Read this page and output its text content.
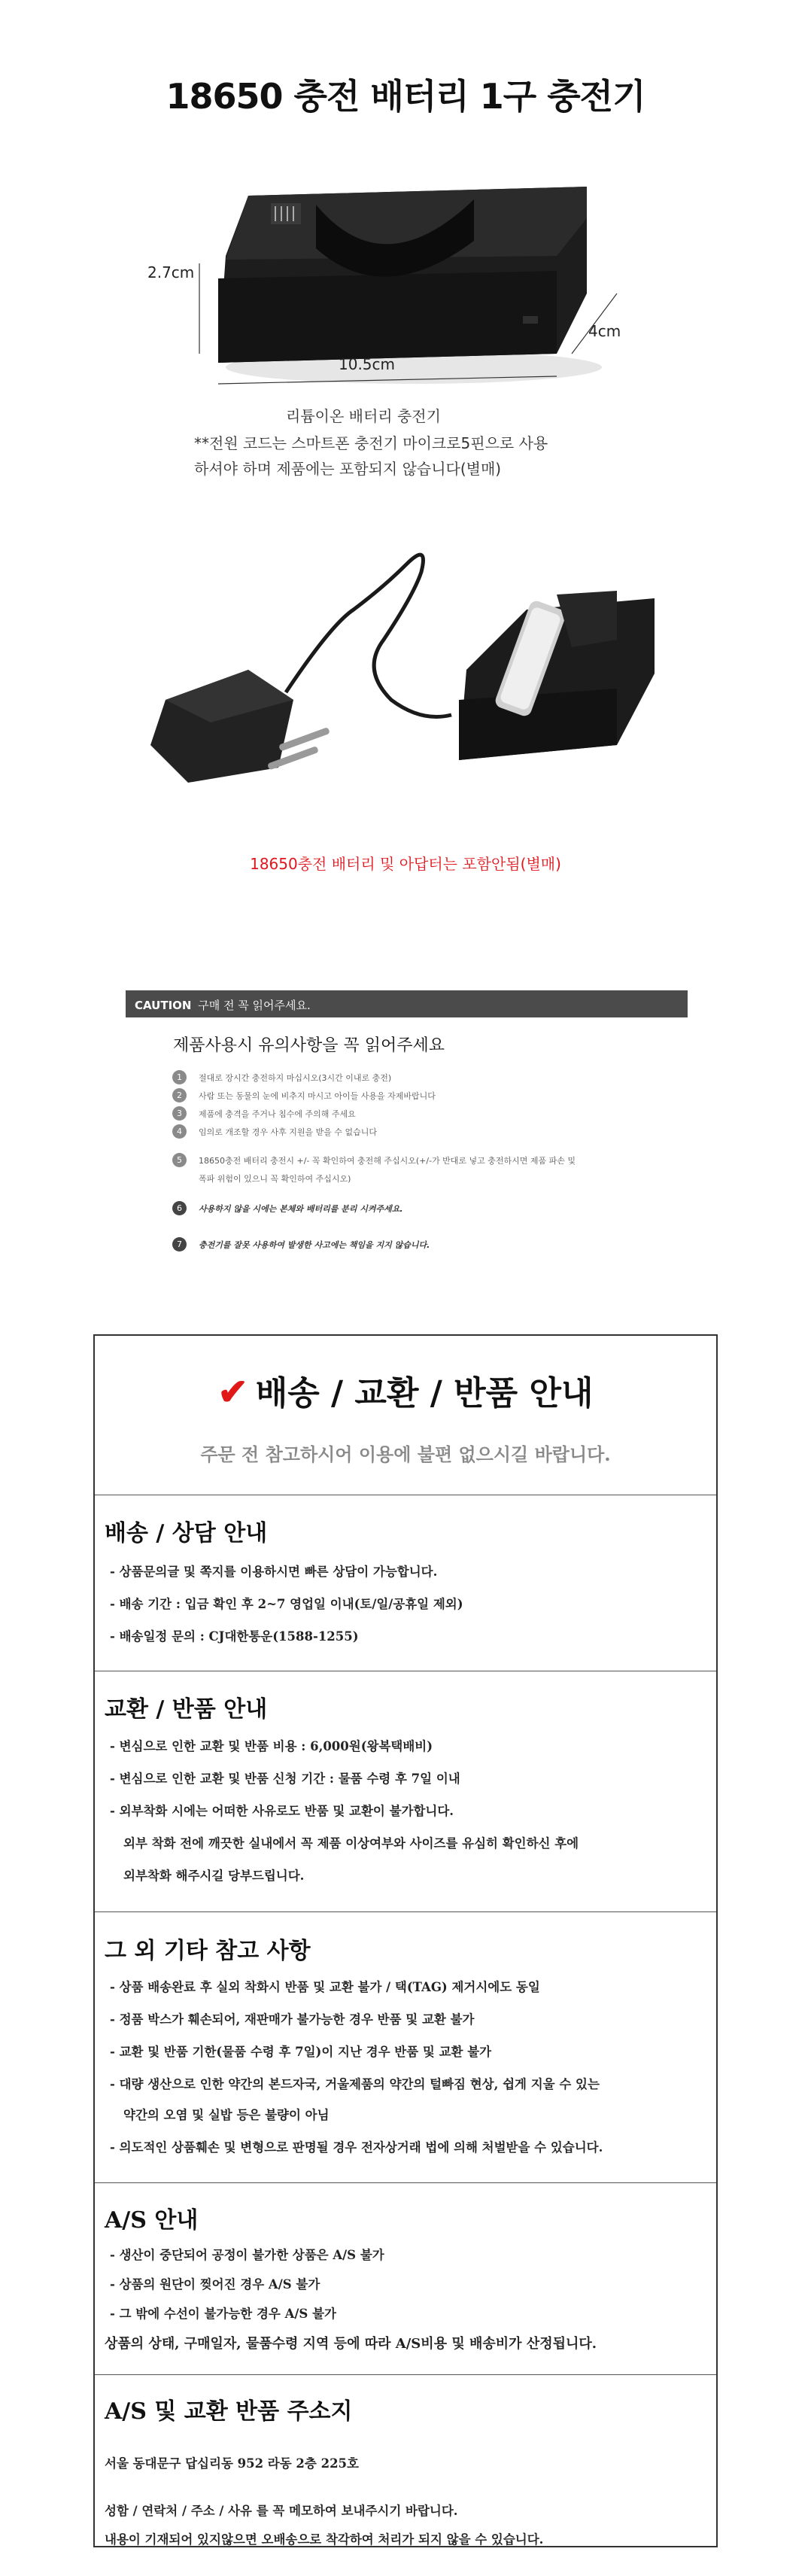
18650 충전 배터리 1구 충전기
2.7cm
10.5cm
4cm
리튬이온 배터리 충전기
**전원 코드는 스마트폰 충전기 마이크로5핀으로 사용
하셔야 하며 제품에는 포함되지 않습니다(별매)
18650충전 배터리 및 아답터는 포함안됨(별매)
CAUTION 구매 전 꼭 읽어주세요.
제품사용시 유의사항을 꼭 읽어주세요
1	절대로 장시간 충전하지 마십시오(3시간 이내로 충전)
2	사람 또는 동물의 눈에 비추지 마시고 아이들 사용을 자제바랍니다
3	제품에 충격을 주거나 침수에 주의해 주세요
4	임의로 개조할 경우 사후 지원을 받을 수 없습니다
5	18650충전 배터리 충전시 +/- 꼭 확인하여 충전해 주십시오(+/-가 반대로 넣고 충전하시면 제품 파손 및
폭파 위험이 있으니 꼭 확인하여 주십시오)
6	사용하지 않을 시에는 본체와 배터리를 분리 시켜주세요.
7	충전기를 잘못 사용하여 발생한 사고에는 책임을 지지 않습니다.
✔ 배송 / 교환 / 반품 안내
주문 전 참고하시어 이용에 불편 없으시길 바랍니다.
배송 / 상담 안내
- 상품문의글 및 쪽지를 이용하시면 빠른 상담이 가능합니다.
- 배송 기간 : 입금 확인 후 2~7 영업일 이내(토/일/공휴일 제외)
- 배송일정 문의 : CJ대한통운(1588-1255)
교환 / 반품 안내
- 변심으로 인한 교환 및 반품 비용 : 6,000원(왕복택배비)
- 변심으로 인한 교환 및 반품 신청 기간 : 물품 수령 후 7일 이내
- 외부착화 시에는 어떠한 사유로도 반품 및 교환이 불가합니다.
외부 착화 전에 깨끗한 실내에서 꼭 제품 이상여부와 사이즈를 유심히 확인하신 후에
외부착화 해주시길 당부드립니다.
그 외 기타 참고 사항
- 상품 배송완료 후 실외 착화시 반품 및 교환 불가 / 택(TAG) 제거시에도 동일
- 정품 박스가 훼손되어, 재판매가 불가능한 경우 반품 및 교환 불가
- 교환 및 반품 기한(물품 수령 후 7일)이 지난 경우 반품 및 교환 불가
- 대량 생산으로 인한 약간의 본드자국, 거울제품의 약간의 털빠짐 현상, 쉽게 지울 수 있는
약간의 오염 및 실밥 등은 불량이 아님
- 의도적인 상품훼손 및 변형으로 판명될 경우 전자상거래 법에 의해 처벌받을 수 있습니다.
A/S 안내
- 생산이 중단되어 공정이 불가한 상품은 A/S 불가
- 상품의 원단이 찢어진 경우 A/S 불가
- 그 밖에 수선이 불가능한 경우 A/S 불가
상품의 상태, 구매일자, 물품수령 지역 등에 따라 A/S비용 및 배송비가 산정됩니다.
A/S 및 교환 반품 주소지
서울 동대문구 답십리동 952 라동 2층 225호
성함 / 연락처 / 주소 / 사유 를 꼭 메모하여 보내주시기 바랍니다.
내용이 기재되어 있지않으면 오배송으로 착각하여 처리가 되지 않을 수 있습니다.
